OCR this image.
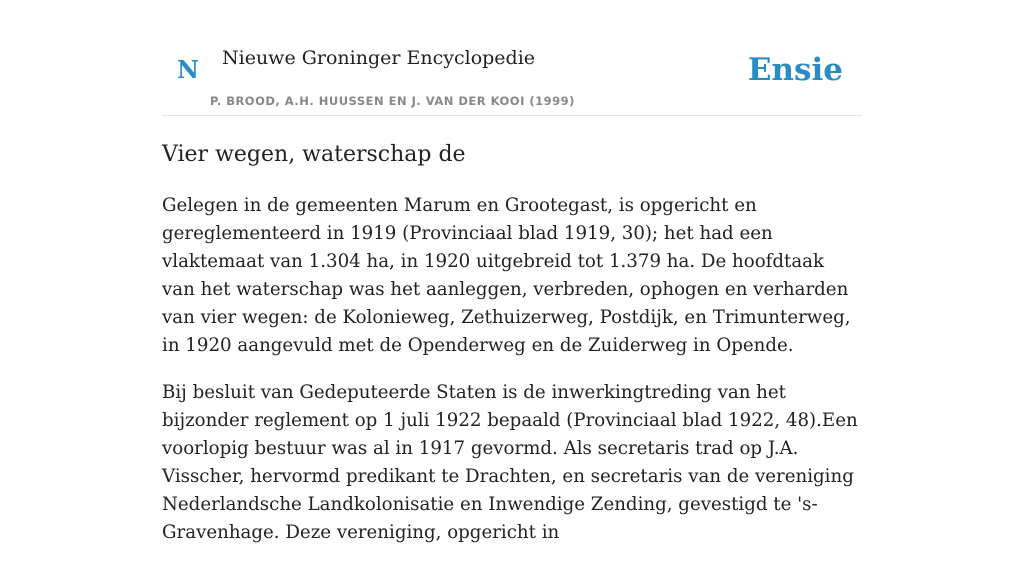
N Nieuwe Groninger Encyclopedie
P. BROOD, A.H. HUUSSEN EN J. VAN DER KOOI (1999)
Ensie
Vier wegen, waterschap de

Gelegen in de gemeenten Marum en Grootegast, is opgericht en gereglementeerd in 1919 (Provinciaal blad 1919, 30); het had een vlaktemaat van 1.304 ha, in 1920 uitgebreid tot 1.379 ha. De hoofdtaak van het waterschap was het aanleggen, verbreden, ophogen en verharden van vier wegen: de Kolonieweg, Zethuizerweg, Postdijk, en Trimunterweg, in 1920 aangevuld met de Openderweg en de Zuiderweg in Opende.

Bij besluit van Gedeputeerde Staten is de inwerkingtreding van het bijzonder reglement op 1 juli 1922 bepaald (Provinciaal blad 1922, 48).Een voorlopig bestuur was al in 1917 gevormd. Als secretaris trad op J.A. Visscher, hervormd predikant te Drachten, en secretaris van de vereniging Nederlandsche Landkolonisatie en Inwendige Zending, gevestigd te 's-Gravenhage. Deze vereniging, opgericht in
